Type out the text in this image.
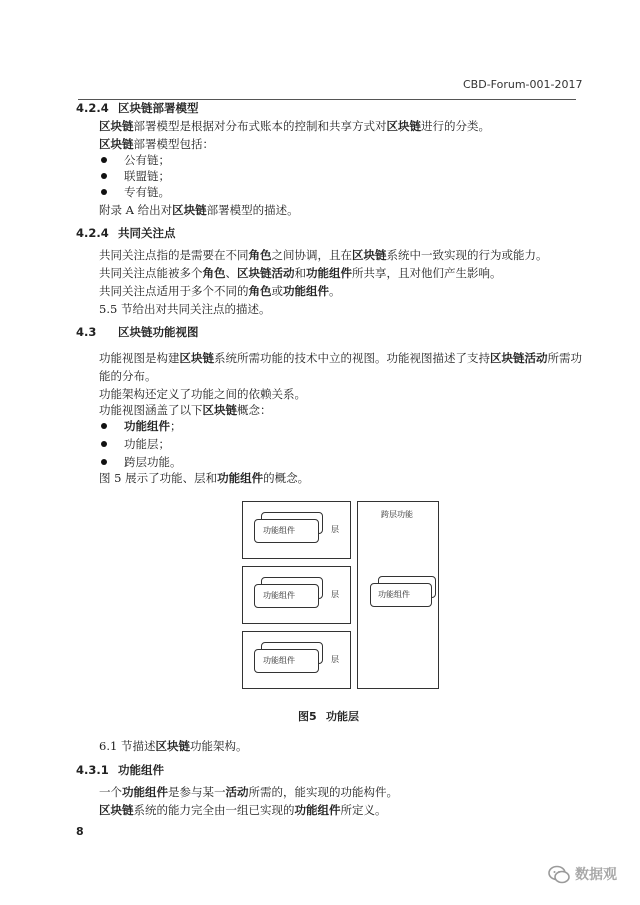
CBD-Forum-001-2017
4.2.4 区块链部署模型
区块链部署模型是根据对分布式账本的控制和共享方式对区块链进行的分类。
区块链部署模型包括：
公有链；
联盟链；
专有链。
附录 A 给出对区块链部署模型的描述。
4.2.4 共同关注点
共同关注点指的是需要在不同角色之间协调，且在区块链系统中一致实现的行为或能力。
共同关注点能被多个角色、区块链活动和功能组件所共享，且对他们产生影响。
共同关注点适用于多个不同的角色或功能组件。
5.5 节给出对共同关注点的描述。
4.3 区块链功能视图
功能视图是构建区块链系统所需功能的技术中立的视图。功能视图描述了支持区块链活动所需功
能的分布。
功能架构还定义了功能之间的依赖关系。
功能视图涵盖了以下区块链概念：
功能组件；
功能层；
跨层功能。
图 5 展示了功能、层和功能组件的概念。
功能组件	层
功能组件	层
功能组件	层
跨层功能
功能组件
图5 功能层
6.1 节描述区块链功能架构。
4.3.1 功能组件
一个功能组件是参与某一活动所需的，能实现的功能构件。
区块链系统的能力完全由一组已实现的功能组件所定义。
8
数据观
